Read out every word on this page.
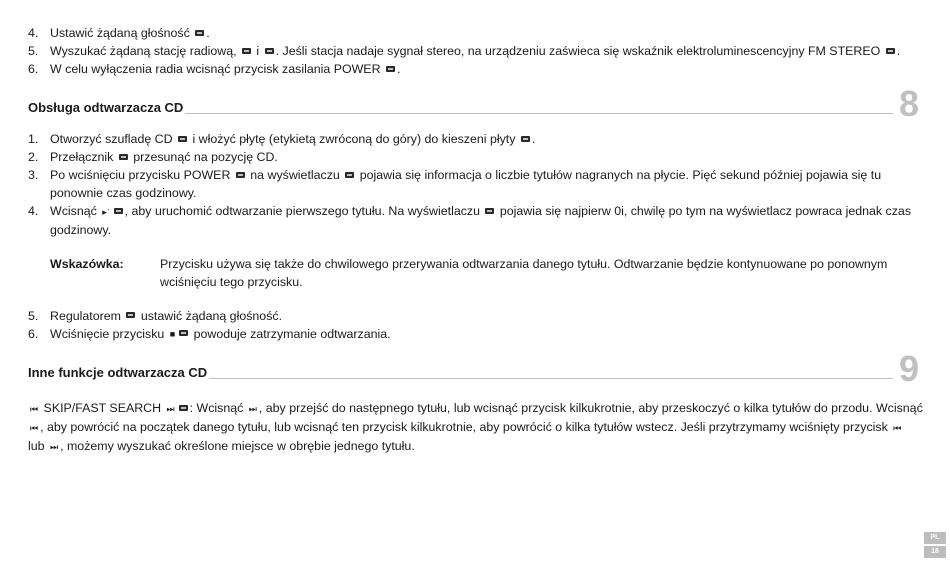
4. Ustawić żądaną głośność .
5. Wyszukać żądaną stację radiową,  i . Jeśli stacja nadaje sygnał stereo, na urządzeniu zaświeca się wskaźnik elektroluminescencyjny FM STEREO .
6. W celu wyłączenia radia wcisnąć przycisk zasilania POWER .
Obsługa odtwarzacza CD	8
1. Otworzyć szufladę CD  i włożyć płytę (etykietą zwróconą do góry) do kieszeni płyty .
2. Przełącznik  przesunąć na pozycję CD.
3. Po wciśnięciu przycisku POWER  na wyświetlaczu  pojawia się informacja o liczbie tytułów nagranych na płycie. Pięć sekund później pojawia się tu ponownie czas godzinowy.
4. Wcisnąć ▸ॱ , aby uruchomić odtwarzanie pierwszego tytułu. Na wyświetlaczu  pojawia się najpierw 0i, chwilę po tym na wyświetlacz powraca jednak czas godzinowy.
Wskazówka:	Przycisku używa się także do chwilowego przerywania odtwarzania danego tytułu. Odtwarzanie będzie kontynuowane po ponownym wciśnięciu tego przycisku.
5. Regulatorem  ustawić żądaną głośność.
6. Wciśnięcie przycisku ■ powoduje zatrzymanie odtwarzania.
Inne funkcje odtwarzacza CD	9
⏮ SKIP/FAST SEARCH ⏭ : Wcisnąć ⏭ , aby przejść do następnego tytułu, lub wcisnąć przycisk kilkukrotnie, aby przeskoczyć o kilka tytułów do przodu. Wcisnąć ⏮ , aby powrócić na początek danego tytułu, lub wcisnąć ten przycisk kilkukrotnie, aby powrócić o kilka tytułów wstecz. Jeśli przytrzymamy wciśnięty przycisk ⏮ lub ⏭ , możemy wyszukać określone miejsce w obrębie jednego tytułu.
PL
18
